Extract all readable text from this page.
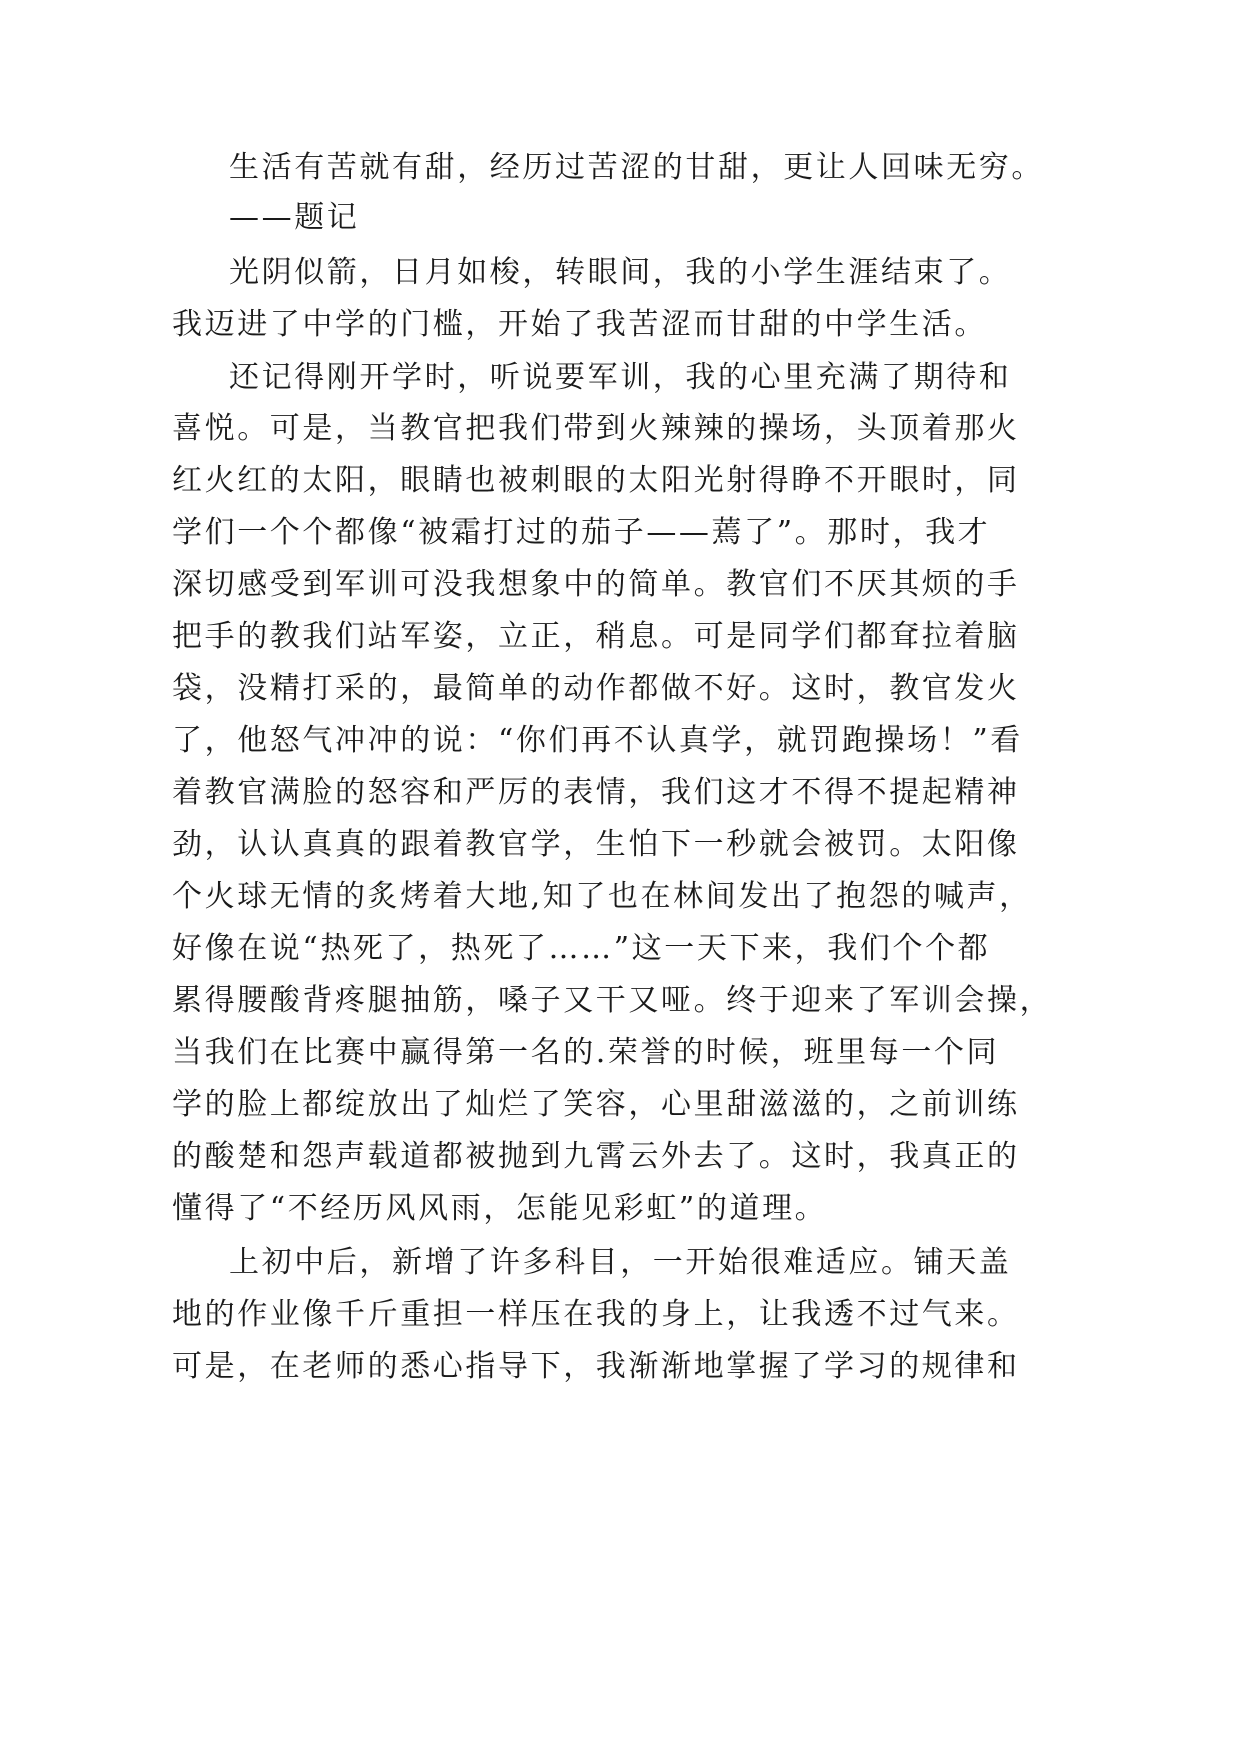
生活有苦就有甜，经历过苦涩的甘甜，更让人回味无穷。

——题记

光阴似箭，日月如梭，转眼间，我的小学生涯结束了。

我迈进了中学的门槛，开始了我苦涩而甘甜的中学生活。

还记得刚开学时，听说要军训，我的心里充满了期待和

喜悦。可是，当教官把我们带到火辣辣的操场，头顶着那火

红火红的太阳，眼睛也被刺眼的太阳光射得睁不开眼时，同

学们一个个都像“被霜打过的茄子——蔫了”。那时，我才

深切感受到军训可没我想象中的简单。教官们不厌其烦的手

把手的教我们站军姿，立正，稍息。可是同学们都耷拉着脑

袋，没精打采的，最简单的动作都做不好。这时，教官发火

了，他怒气冲冲的说：“你们再不认真学，就罚跑操场！”看

着教官满脸的怒容和严厉的表情，我们这才不得不提起精神

劲，认认真真的跟着教官学，生怕下一秒就会被罚。太阳像

个火球无情的炙烤着大地,知了也在林间发出了抱怨的喊声，

好像在说“热死了，热死了……”这一天下来，我们个个都

累得腰酸背疼腿抽筋，嗓子又干又哑。终于迎来了军训会操，

当我们在比赛中赢得第一名的.荣誉的时候，班里每一个同

学的脸上都绽放出了灿烂了笑容，心里甜滋滋的，之前训练

的酸楚和怨声载道都被抛到九霄云外去了。这时，我真正的

懂得了“不经历风风雨，怎能见彩虹”的道理。

上初中后，新增了许多科目，一开始很难适应。铺天盖

地的作业像千斤重担一样压在我的身上，让我透不过气来。

可是，在老师的悉心指导下，我渐渐地掌握了学习的规律和
